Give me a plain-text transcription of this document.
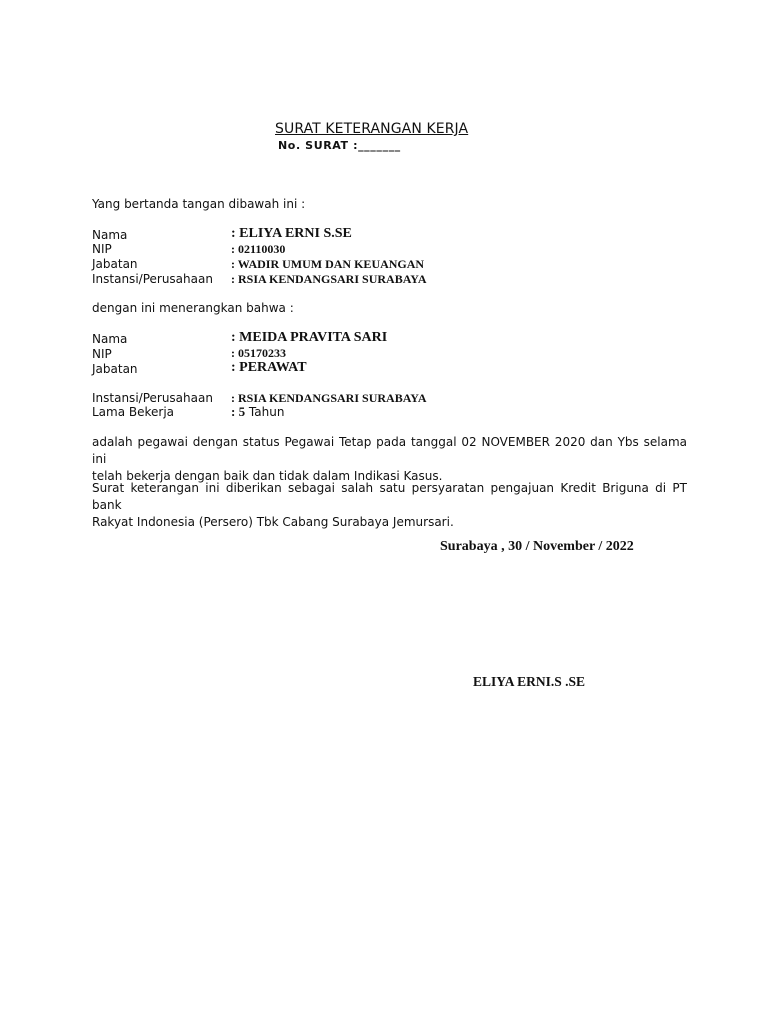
SURAT KETERANGAN KERJA
No. SURAT :_______
Yang bertanda tangan dibawah ini :
Nama	: ELIYA ERNI S.SE
NIP	: 02110030
Jabatan	: WADIR UMUM DAN KEUANGAN
Instansi/Perusahaan : RSIA KENDANGSARI SURABAYA
dengan ini menerangkan bahwa :
Nama	: MEIDA PRAVITA SARI
NIP	: 05170233
Jabatan	: PERAWAT
Instansi/Perusahaan : RSIA KENDANGSARI SURABAYA
Lama Bekerja	: 5 Tahun
adalah pegawai dengan status Pegawai Tetap pada tanggal 02 NOVEMBER 2020 dan Ybs selama ini
telah bekerja dengan baik dan tidak dalam Indikasi Kasus.
Surat keterangan ini diberikan sebagai salah satu persyaratan pengajuan Kredit Briguna di PT bank
Rakyat Indonesia (Persero) Tbk Cabang Surabaya Jemursari.
Surabaya , 30 / November / 2022
ELIYA ERNI.S .SE
